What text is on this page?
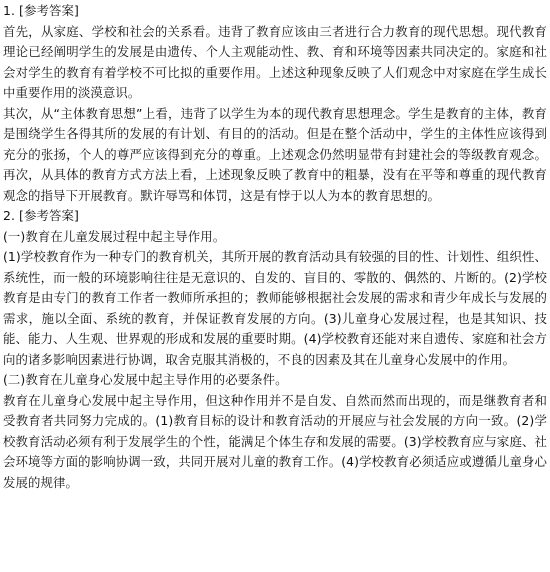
1. [参考答案]
首先，从家庭、学校和社会的关系看。违背了教育应该由三者进行合力教育的现代思想。现代教育理论已经阐明学生的发展是由遗传、个人主观能动性、教、育和环境等因素共同决定的。家庭和社会对学生的教育有着学校不可比拟的重要作用。上述这种现象反映了人们观念中对家庭在学生成长中重要作用的淡漠意识。
其次，从“主体教育思想”上看，违背了以学生为本的现代教育思想理念。学生是教育的主体，教育是围绕学生各得其所的发展的有计划、有目的的活动。但是在整个活动中，学生的主体性应该得到充分的张扬，个人的尊严应该得到充分的尊重。上述观念仍然明显带有封建社会的等级教育观念。再次，从具体的教育方式方法上看，上述现象反映了教育中的粗暴，没有在平等和尊重的现代教育观念的指导下开展教育。默许辱骂和体罚，这是有悖于以人为本的教育思想的。
2. [参考答案]
(一)教育在儿童发展过程中起主导作用。
(1)学校教育作为一种专门的教育机关，其所开展的教育活动具有较强的目的性、计划性、组织性、系统性，而一般的环境影响往往是无意识的、自发的、盲目的、零散的、偶然的、片断的。(2)学校教育是由专门的教育工作者一教师所承担的；教师能够根据社会发展的需求和青少年成长与发展的需求，施以全面、系统的教育，并保证教育发展的方向。(3)儿童身心发展过程，也是其知识、技能、能力、人生观、世界观的形成和发展的重要时期。(4)学校教育还能对来自遗传、家庭和社会方向的诸多影响因素进行协调，取舍克服其消极的，不良的因素及其在儿童身心发展中的作用。
(二)教育在儿童身心发展中起主导作用的必要条件。
教育在儿童身心发展中起主导作用，但这种作用并不是自发、自然而然而出现的，而是继教育者和受教育者共同努力完成的。(1)教育目标的设计和教育活动的开展应与社会发展的方向一致。(2)学校教育活动必须有利于发展学生的个性，能满足个体生存和发展的需要。(3)学校教育应与家庭、社会环境等方面的影响协调一致，共同开展对儿童的教育工作。(4)学校教育必须适应或遵循儿童身心发展的规律。
